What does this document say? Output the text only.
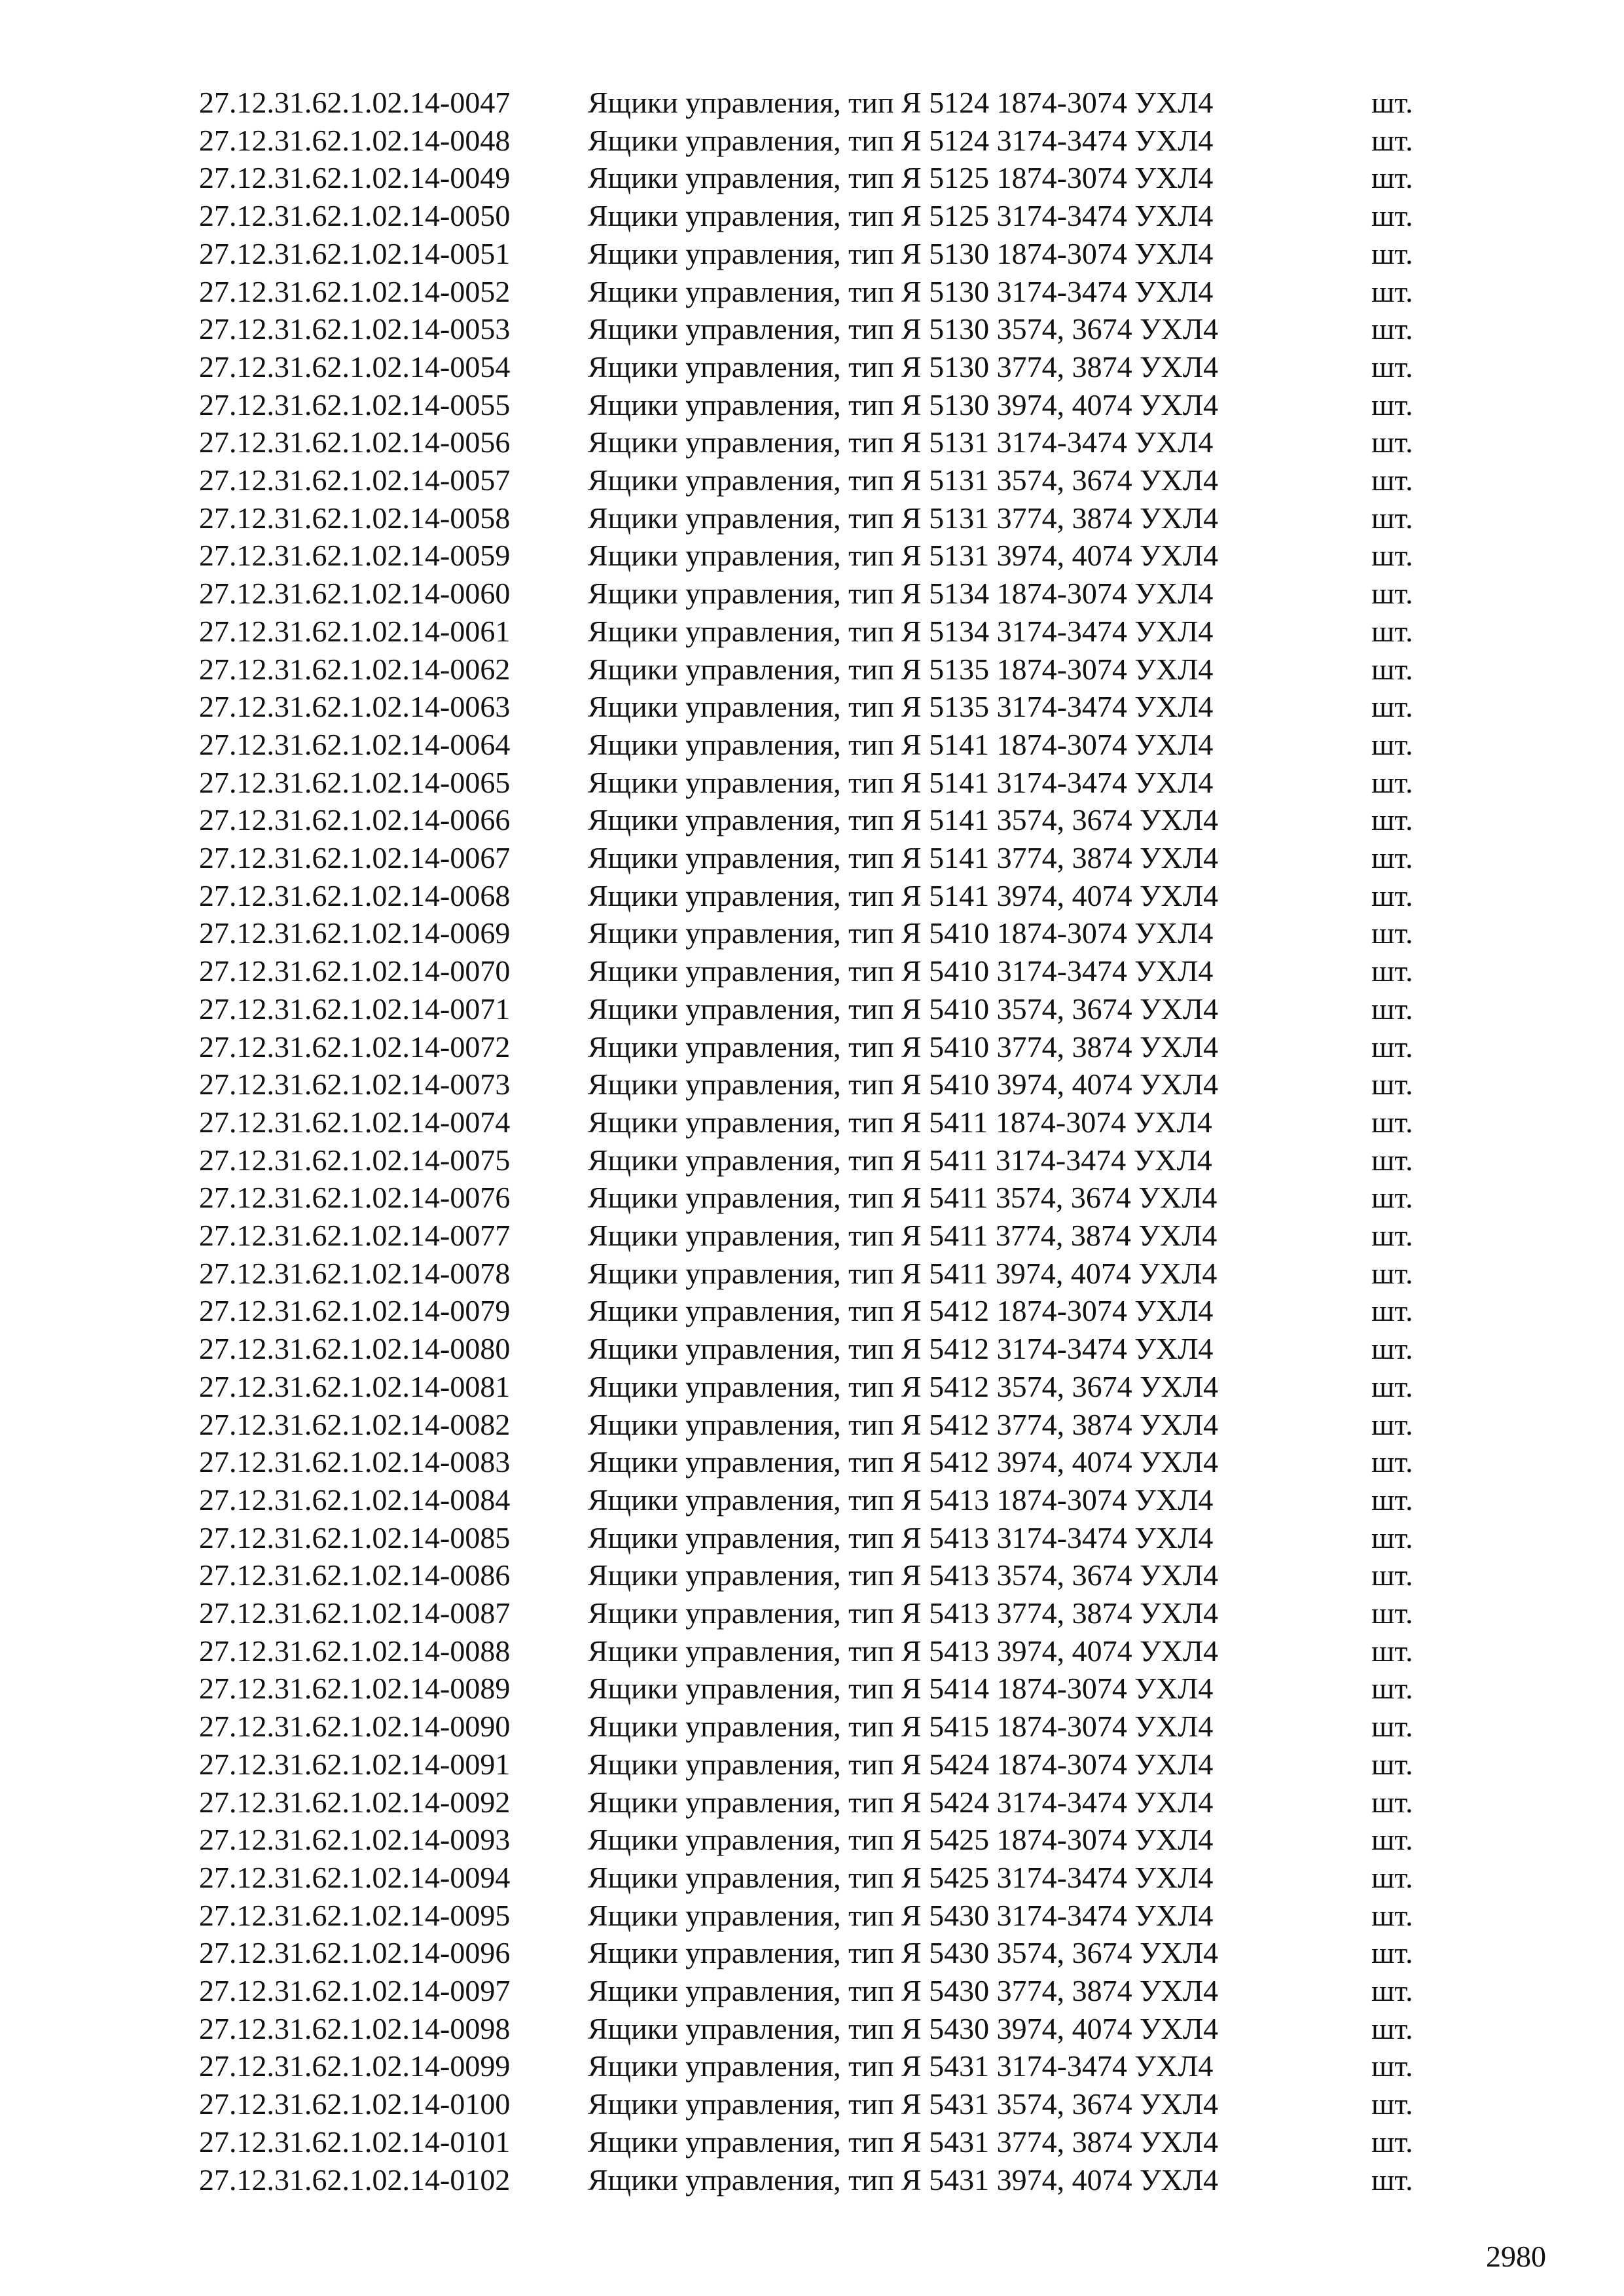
27.12.31.62.1.02.14-0047	Ящики управления, тип Я 5124 1874-3074 УХЛ4	шт.
27.12.31.62.1.02.14-0048	Ящики управления, тип Я 5124 3174-3474 УХЛ4	шт.
27.12.31.62.1.02.14-0049	Ящики управления, тип Я 5125 1874-3074 УХЛ4	шт.
27.12.31.62.1.02.14-0050	Ящики управления, тип Я 5125 3174-3474 УХЛ4	шт.
27.12.31.62.1.02.14-0051	Ящики управления, тип Я 5130 1874-3074 УХЛ4	шт.
27.12.31.62.1.02.14-0052	Ящики управления, тип Я 5130 3174-3474 УХЛ4	шт.
27.12.31.62.1.02.14-0053	Ящики управления, тип Я 5130 3574, 3674 УХЛ4	шт.
27.12.31.62.1.02.14-0054	Ящики управления, тип Я 5130 3774, 3874 УХЛ4	шт.
27.12.31.62.1.02.14-0055	Ящики управления, тип Я 5130 3974, 4074 УХЛ4	шт.
27.12.31.62.1.02.14-0056	Ящики управления, тип Я 5131 3174-3474 УХЛ4	шт.
27.12.31.62.1.02.14-0057	Ящики управления, тип Я 5131 3574, 3674 УХЛ4	шт.
27.12.31.62.1.02.14-0058	Ящики управления, тип Я 5131 3774, 3874 УХЛ4	шт.
27.12.31.62.1.02.14-0059	Ящики управления, тип Я 5131 3974, 4074 УХЛ4	шт.
27.12.31.62.1.02.14-0060	Ящики управления, тип Я 5134 1874-3074 УХЛ4	шт.
27.12.31.62.1.02.14-0061	Ящики управления, тип Я 5134 3174-3474 УХЛ4	шт.
27.12.31.62.1.02.14-0062	Ящики управления, тип Я 5135 1874-3074 УХЛ4	шт.
27.12.31.62.1.02.14-0063	Ящики управления, тип Я 5135 3174-3474 УХЛ4	шт.
27.12.31.62.1.02.14-0064	Ящики управления, тип Я 5141 1874-3074 УХЛ4	шт.
27.12.31.62.1.02.14-0065	Ящики управления, тип Я 5141 3174-3474 УХЛ4	шт.
27.12.31.62.1.02.14-0066	Ящики управления, тип Я 5141 3574, 3674 УХЛ4	шт.
27.12.31.62.1.02.14-0067	Ящики управления, тип Я 5141 3774, 3874 УХЛ4	шт.
27.12.31.62.1.02.14-0068	Ящики управления, тип Я 5141 3974, 4074 УХЛ4	шт.
27.12.31.62.1.02.14-0069	Ящики управления, тип Я 5410 1874-3074 УХЛ4	шт.
27.12.31.62.1.02.14-0070	Ящики управления, тип Я 5410 3174-3474 УХЛ4	шт.
27.12.31.62.1.02.14-0071	Ящики управления, тип Я 5410 3574, 3674 УХЛ4	шт.
27.12.31.62.1.02.14-0072	Ящики управления, тип Я 5410 3774, 3874 УХЛ4	шт.
27.12.31.62.1.02.14-0073	Ящики управления, тип Я 5410 3974, 4074 УХЛ4	шт.
27.12.31.62.1.02.14-0074	Ящики управления, тип Я 5411 1874-3074 УХЛ4	шт.
27.12.31.62.1.02.14-0075	Ящики управления, тип Я 5411 3174-3474 УХЛ4	шт.
27.12.31.62.1.02.14-0076	Ящики управления, тип Я 5411 3574, 3674 УХЛ4	шт.
27.12.31.62.1.02.14-0077	Ящики управления, тип Я 5411 3774, 3874 УХЛ4	шт.
27.12.31.62.1.02.14-0078	Ящики управления, тип Я 5411 3974, 4074 УХЛ4	шт.
27.12.31.62.1.02.14-0079	Ящики управления, тип Я 5412 1874-3074 УХЛ4	шт.
27.12.31.62.1.02.14-0080	Ящики управления, тип Я 5412 3174-3474 УХЛ4	шт.
27.12.31.62.1.02.14-0081	Ящики управления, тип Я 5412 3574, 3674 УХЛ4	шт.
27.12.31.62.1.02.14-0082	Ящики управления, тип Я 5412 3774, 3874 УХЛ4	шт.
27.12.31.62.1.02.14-0083	Ящики управления, тип Я 5412 3974, 4074 УХЛ4	шт.
27.12.31.62.1.02.14-0084	Ящики управления, тип Я 5413 1874-3074 УХЛ4	шт.
27.12.31.62.1.02.14-0085	Ящики управления, тип Я 5413 3174-3474 УХЛ4	шт.
27.12.31.62.1.02.14-0086	Ящики управления, тип Я 5413 3574, 3674 УХЛ4	шт.
27.12.31.62.1.02.14-0087	Ящики управления, тип Я 5413 3774, 3874 УХЛ4	шт.
27.12.31.62.1.02.14-0088	Ящики управления, тип Я 5413 3974, 4074 УХЛ4	шт.
27.12.31.62.1.02.14-0089	Ящики управления, тип Я 5414 1874-3074 УХЛ4	шт.
27.12.31.62.1.02.14-0090	Ящики управления, тип Я 5415 1874-3074 УХЛ4	шт.
27.12.31.62.1.02.14-0091	Ящики управления, тип Я 5424 1874-3074 УХЛ4	шт.
27.12.31.62.1.02.14-0092	Ящики управления, тип Я 5424 3174-3474 УХЛ4	шт.
27.12.31.62.1.02.14-0093	Ящики управления, тип Я 5425 1874-3074 УХЛ4	шт.
27.12.31.62.1.02.14-0094	Ящики управления, тип Я 5425 3174-3474 УХЛ4	шт.
27.12.31.62.1.02.14-0095	Ящики управления, тип Я 5430 3174-3474 УХЛ4	шт.
27.12.31.62.1.02.14-0096	Ящики управления, тип Я 5430 3574, 3674 УХЛ4	шт.
27.12.31.62.1.02.14-0097	Ящики управления, тип Я 5430 3774, 3874 УХЛ4	шт.
27.12.31.62.1.02.14-0098	Ящики управления, тип Я 5430 3974, 4074 УХЛ4	шт.
27.12.31.62.1.02.14-0099	Ящики управления, тип Я 5431 3174-3474 УХЛ4	шт.
27.12.31.62.1.02.14-0100	Ящики управления, тип Я 5431 3574, 3674 УХЛ4	шт.
27.12.31.62.1.02.14-0101	Ящики управления, тип Я 5431 3774, 3874 УХЛ4	шт.
27.12.31.62.1.02.14-0102	Ящики управления, тип Я 5431 3974, 4074 УХЛ4	шт.
2980
